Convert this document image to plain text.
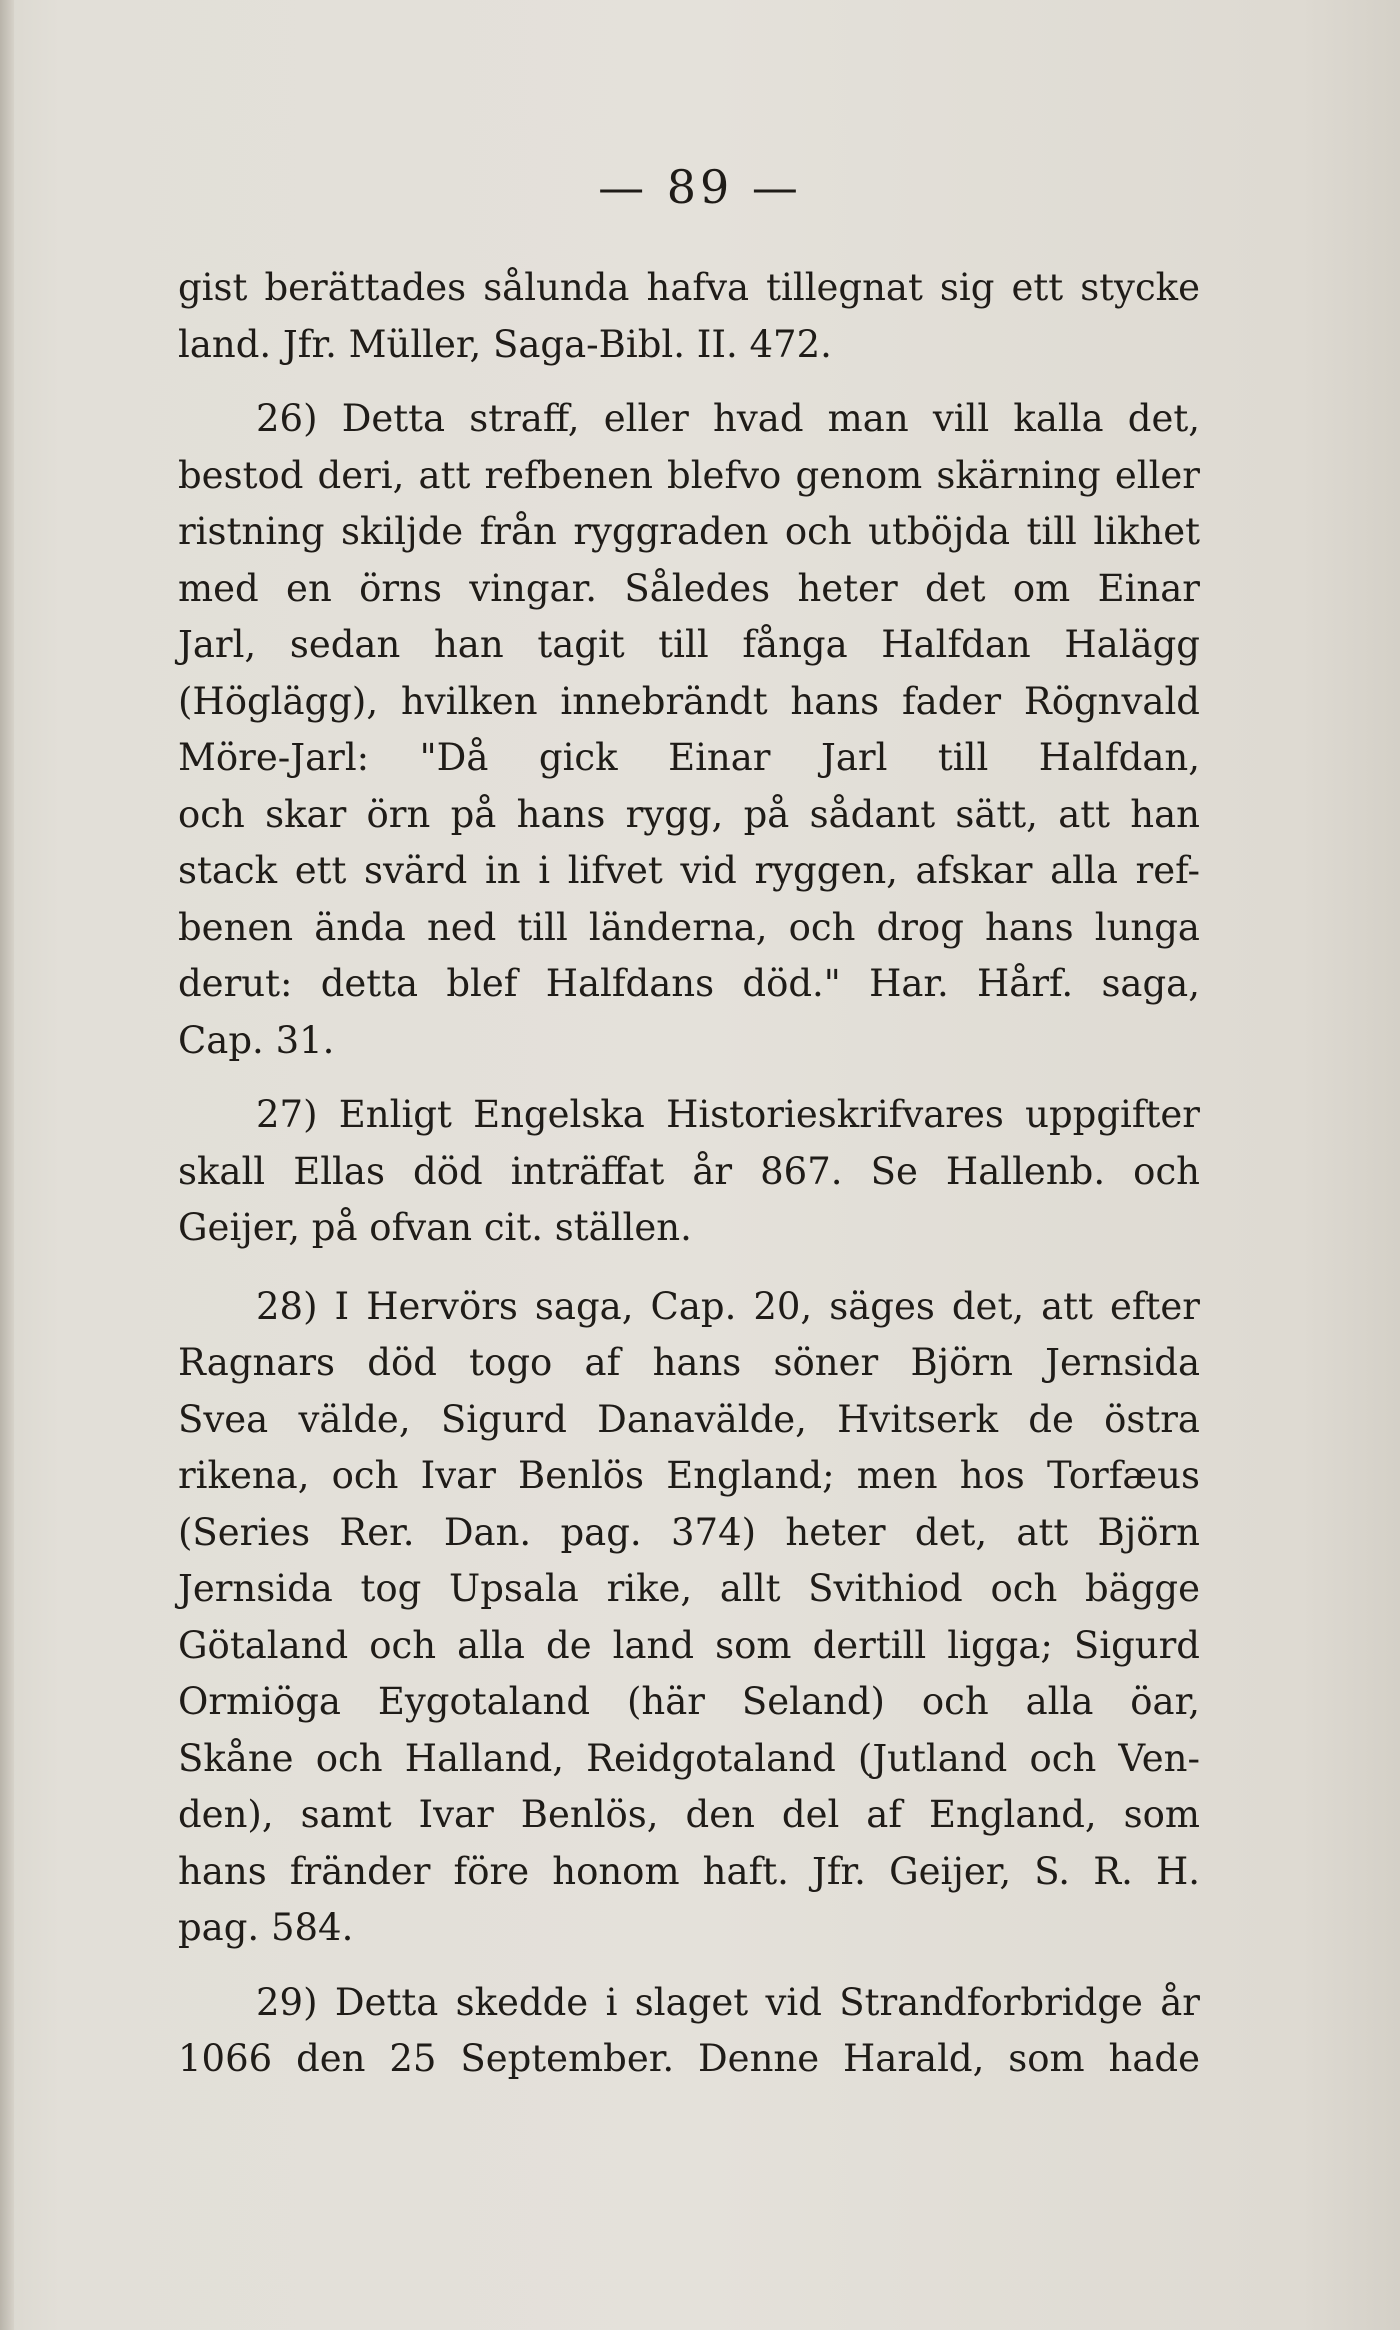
— 89 —
gist berättades sålunda hafva tillegnat sig ett stycke
land. Jfr. Müller, Saga-Bibl. II. 472.
26) Detta straff, eller hvad man vill kalla det,
bestod deri, att refbenen blefvo genom skärning eller
ristning skiljde från ryggraden och utböjda till likhet
med en örns vingar. Således heter det om Einar
Jarl, sedan han tagit till fånga Halfdan Halägg
(Höglägg), hvilken innebrändt hans fader Rögnvald
Möre-Jarl: "Då gick Einar Jarl till Halfdan,
och skar örn på hans rygg, på sådant sätt, att han
stack ett svärd in i lifvet vid ryggen, afskar alla ref-
benen ända ned till länderna, och drog hans lunga
derut: detta blef Halfdans död." Har. Hårf. saga,
Cap. 31.
27) Enligt Engelska Historieskrifvares uppgifter
skall Ellas död inträffat år 867. Se Hallenb. och
Geijer, på ofvan cit. ställen.
28) I Hervörs saga, Cap. 20, säges det, att efter
Ragnars död togo af hans söner Björn Jernsida
Svea välde, Sigurd Danavälde, Hvitserk de östra
rikena, och Ivar Benlös England; men hos Torfæus
(Series Rer. Dan. pag. 374) heter det, att Björn
Jernsida tog Upsala rike, allt Svithiod och bägge
Götaland och alla de land som dertill ligga; Sigurd
Ormiöga Eygotaland (här Seland) och alla öar,
Skåne och Halland, Reidgotaland (Jutland och Ven-
den), samt Ivar Benlös, den del af England, som
hans fränder före honom haft. Jfr. Geijer, S. R. H.
pag. 584.
29) Detta skedde i slaget vid Strandforbridge år
1066 den 25 September. Denne Harald, som hade
